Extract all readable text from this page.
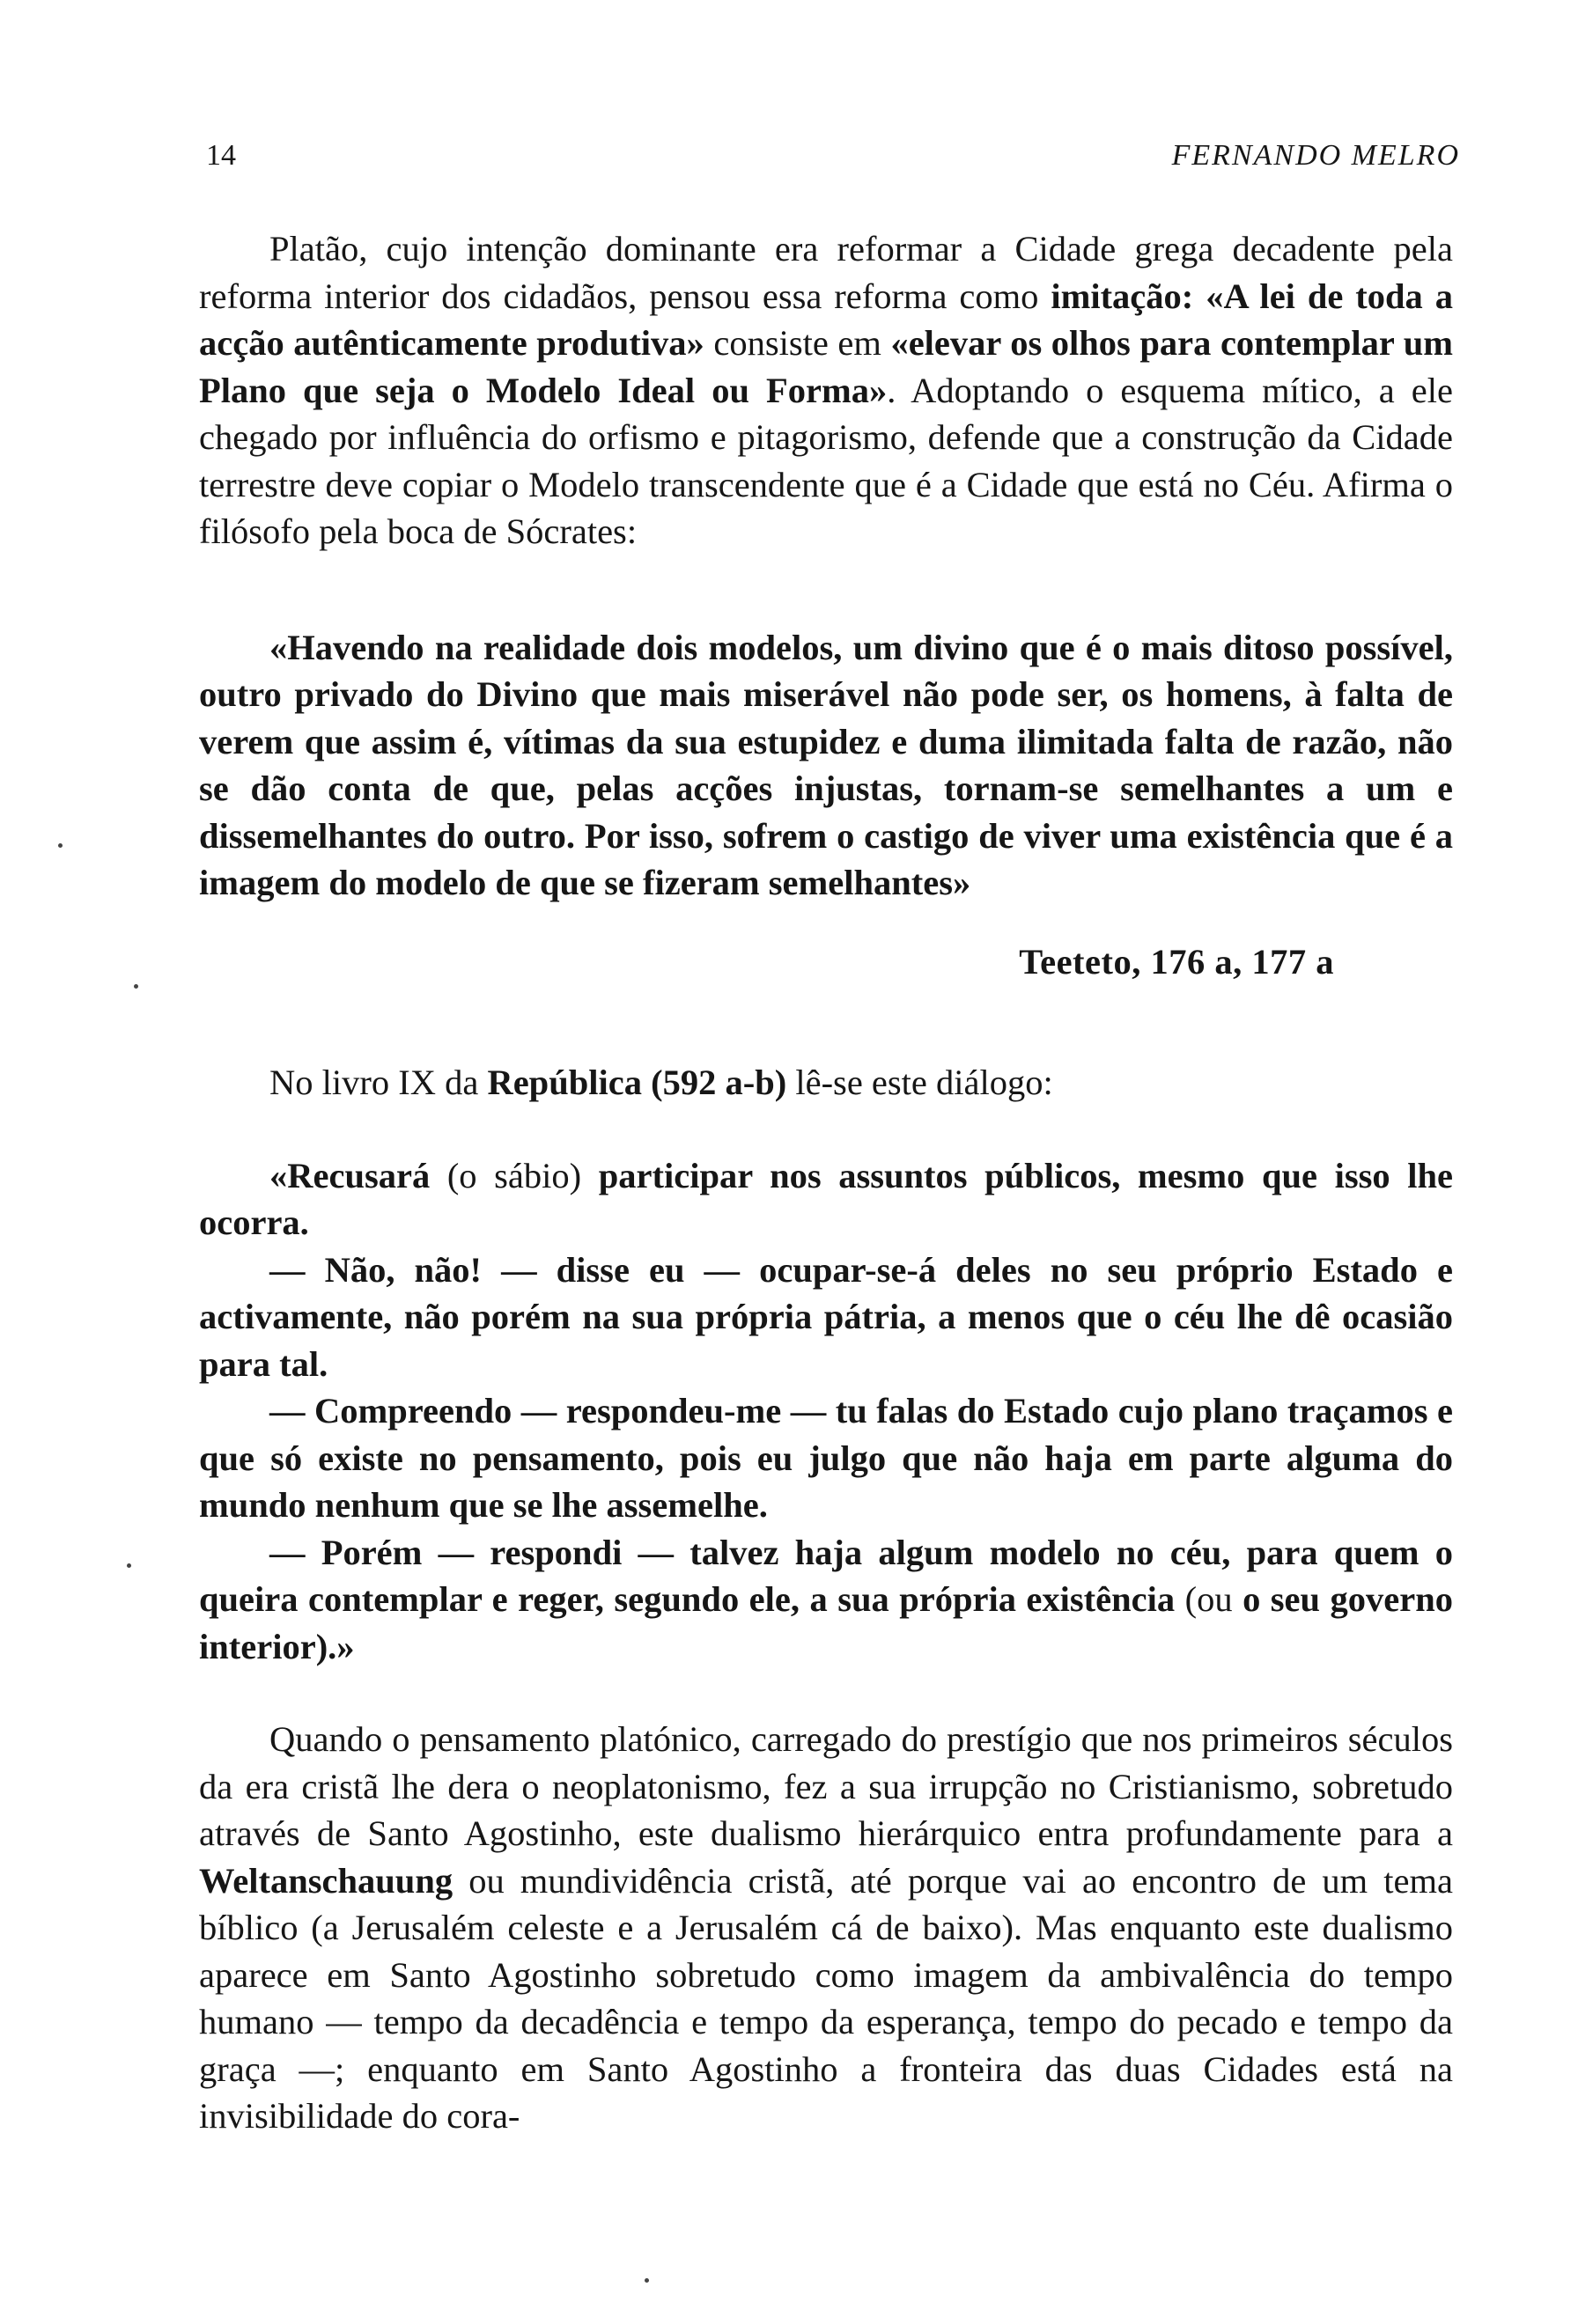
14	FERNANDO MELRO

Platão, cujo intenção dominante era reformar a Cidade grega decadente pela reforma interior dos cidadãos, pensou essa reforma como imitação: «A lei de toda a acção autênticamente produtiva» consiste em «elevar os olhos para contemplar um Plano que seja o Modelo Ideal ou Forma». Adoptando o esquema mítico, a ele chegado por influência do orfismo e pitagorismo, defende que a construção da Cidade terrestre deve copiar o Modelo transcendente que é a Cidade que está no Céu. Afirma o filósofo pela boca de Sócrates:

«Havendo na realidade dois modelos, um divino que é o mais ditoso possível, outro privado do Divino que mais miserável não pode ser, os homens, à falta de verem que assim é, vítimas da sua estupidez e duma ilimitada falta de razão, não se dão conta de que, pelas acções injustas, tornam-se semelhantes a um e dissemelhantes do outro. Por isso, sofrem o castigo de viver uma existência que é a imagem do modelo de que se fizeram semelhantes»

Teeteto, 176 a, 177 a

No livro IX da República (592 a-b) lê-se este diálogo:

«Recusará (o sábio) participar nos assuntos públicos, mesmo que isso lhe ocorra.

— Não, não! — disse eu — ocupar-se-á deles no seu próprio Estado e activamente, não porém na sua própria pátria, a menos que o céu lhe dê ocasião para tal.

— Compreendo — respondeu-me — tu falas do Estado cujo plano traçamos e que só existe no pensamento, pois eu julgo que não haja em parte alguma do mundo nenhum que se lhe assemelhe.

— Porém — respondi — talvez haja algum modelo no céu, para quem o queira contemplar e reger, segundo ele, a sua própria existência (ou o seu governo interior).»

Quando o pensamento platónico, carregado do prestígio que nos primeiros séculos da era cristã lhe dera o neoplatonismo, fez a sua irrupção no Cristianismo, sobretudo através de Santo Agostinho, este dualismo hierárquico entra profundamente para a Weltanschauung ou mundividência cristã, até porque vai ao encontro de um tema bíblico (a Jerusalém celeste e a Jerusalém cá de baixo). Mas enquanto este dualismo aparece em Santo Agostinho sobretudo como imagem da ambivalência do tempo humano — tempo da decadência e tempo da esperança, tempo do pecado e tempo da graça —; enquanto em Santo Agostinho a fronteira das duas Cidades está na invisibilidade do cora-
